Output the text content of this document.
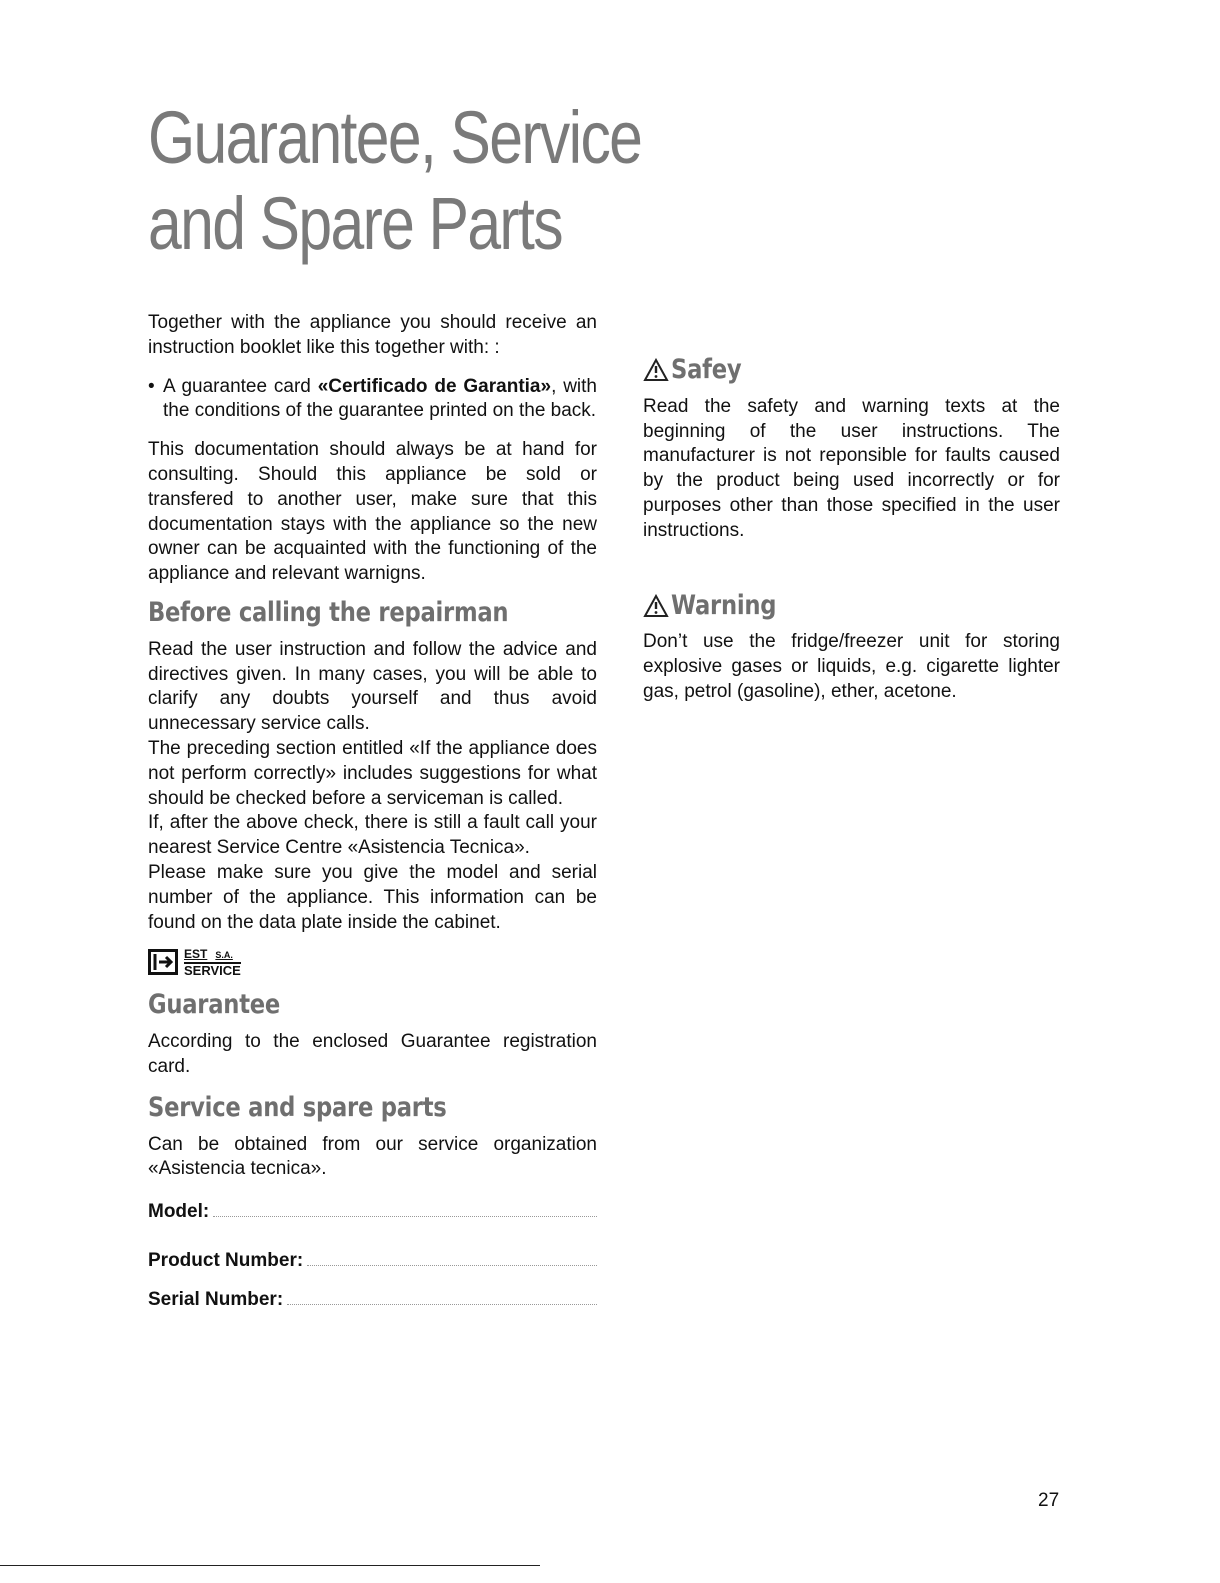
Guarantee, Service
and Spare Parts

Together with the appliance you should receive an instruction booklet like this together with: :

• A guarantee card «Certificado de Garantia», with the conditions of the guarantee printed on the back.

This documentation should always be at hand for consulting. Should this appliance be sold or transfered to another user, make sure that this documentation stays with the appliance so the new owner can be acquainted with the functioning of the appliance and relevant warnigns.

Before calling the repairman

Read the user instruction and follow the advice and directives given. In many cases, you will be able to clarify any doubts yourself and thus avoid unnecessary service calls.

The preceding section entitled «If the appliance does not perform correctly» includes suggestions for what should be checked before a serviceman is called.

If, after the above check, there is still a fault call your nearest Service Centre «Asistencia Tecnica».

Please make sure you give the model and serial number of the appliance. This information can be found on the data plate inside the cabinet.

EST S.A.
SERVICE
Guarantee

According to the enclosed Guarantee registration card.

Service and spare parts

Can be obtained from our service organization «Asistencia tecnica».

Model:
Product Number:
Serial Number:
Safey

Read the safety and warning texts at the beginning of the user instructions. The manufacturer is not reponsible for faults caused by the product being used incorrectly or for purposes other than those specified in the user instructions.

Warning

Don’t use the fridge/freezer unit for storing explosive gases or liquids, e.g. cigarette lighter gas, petrol (gasoline), ether, acetone.

27
